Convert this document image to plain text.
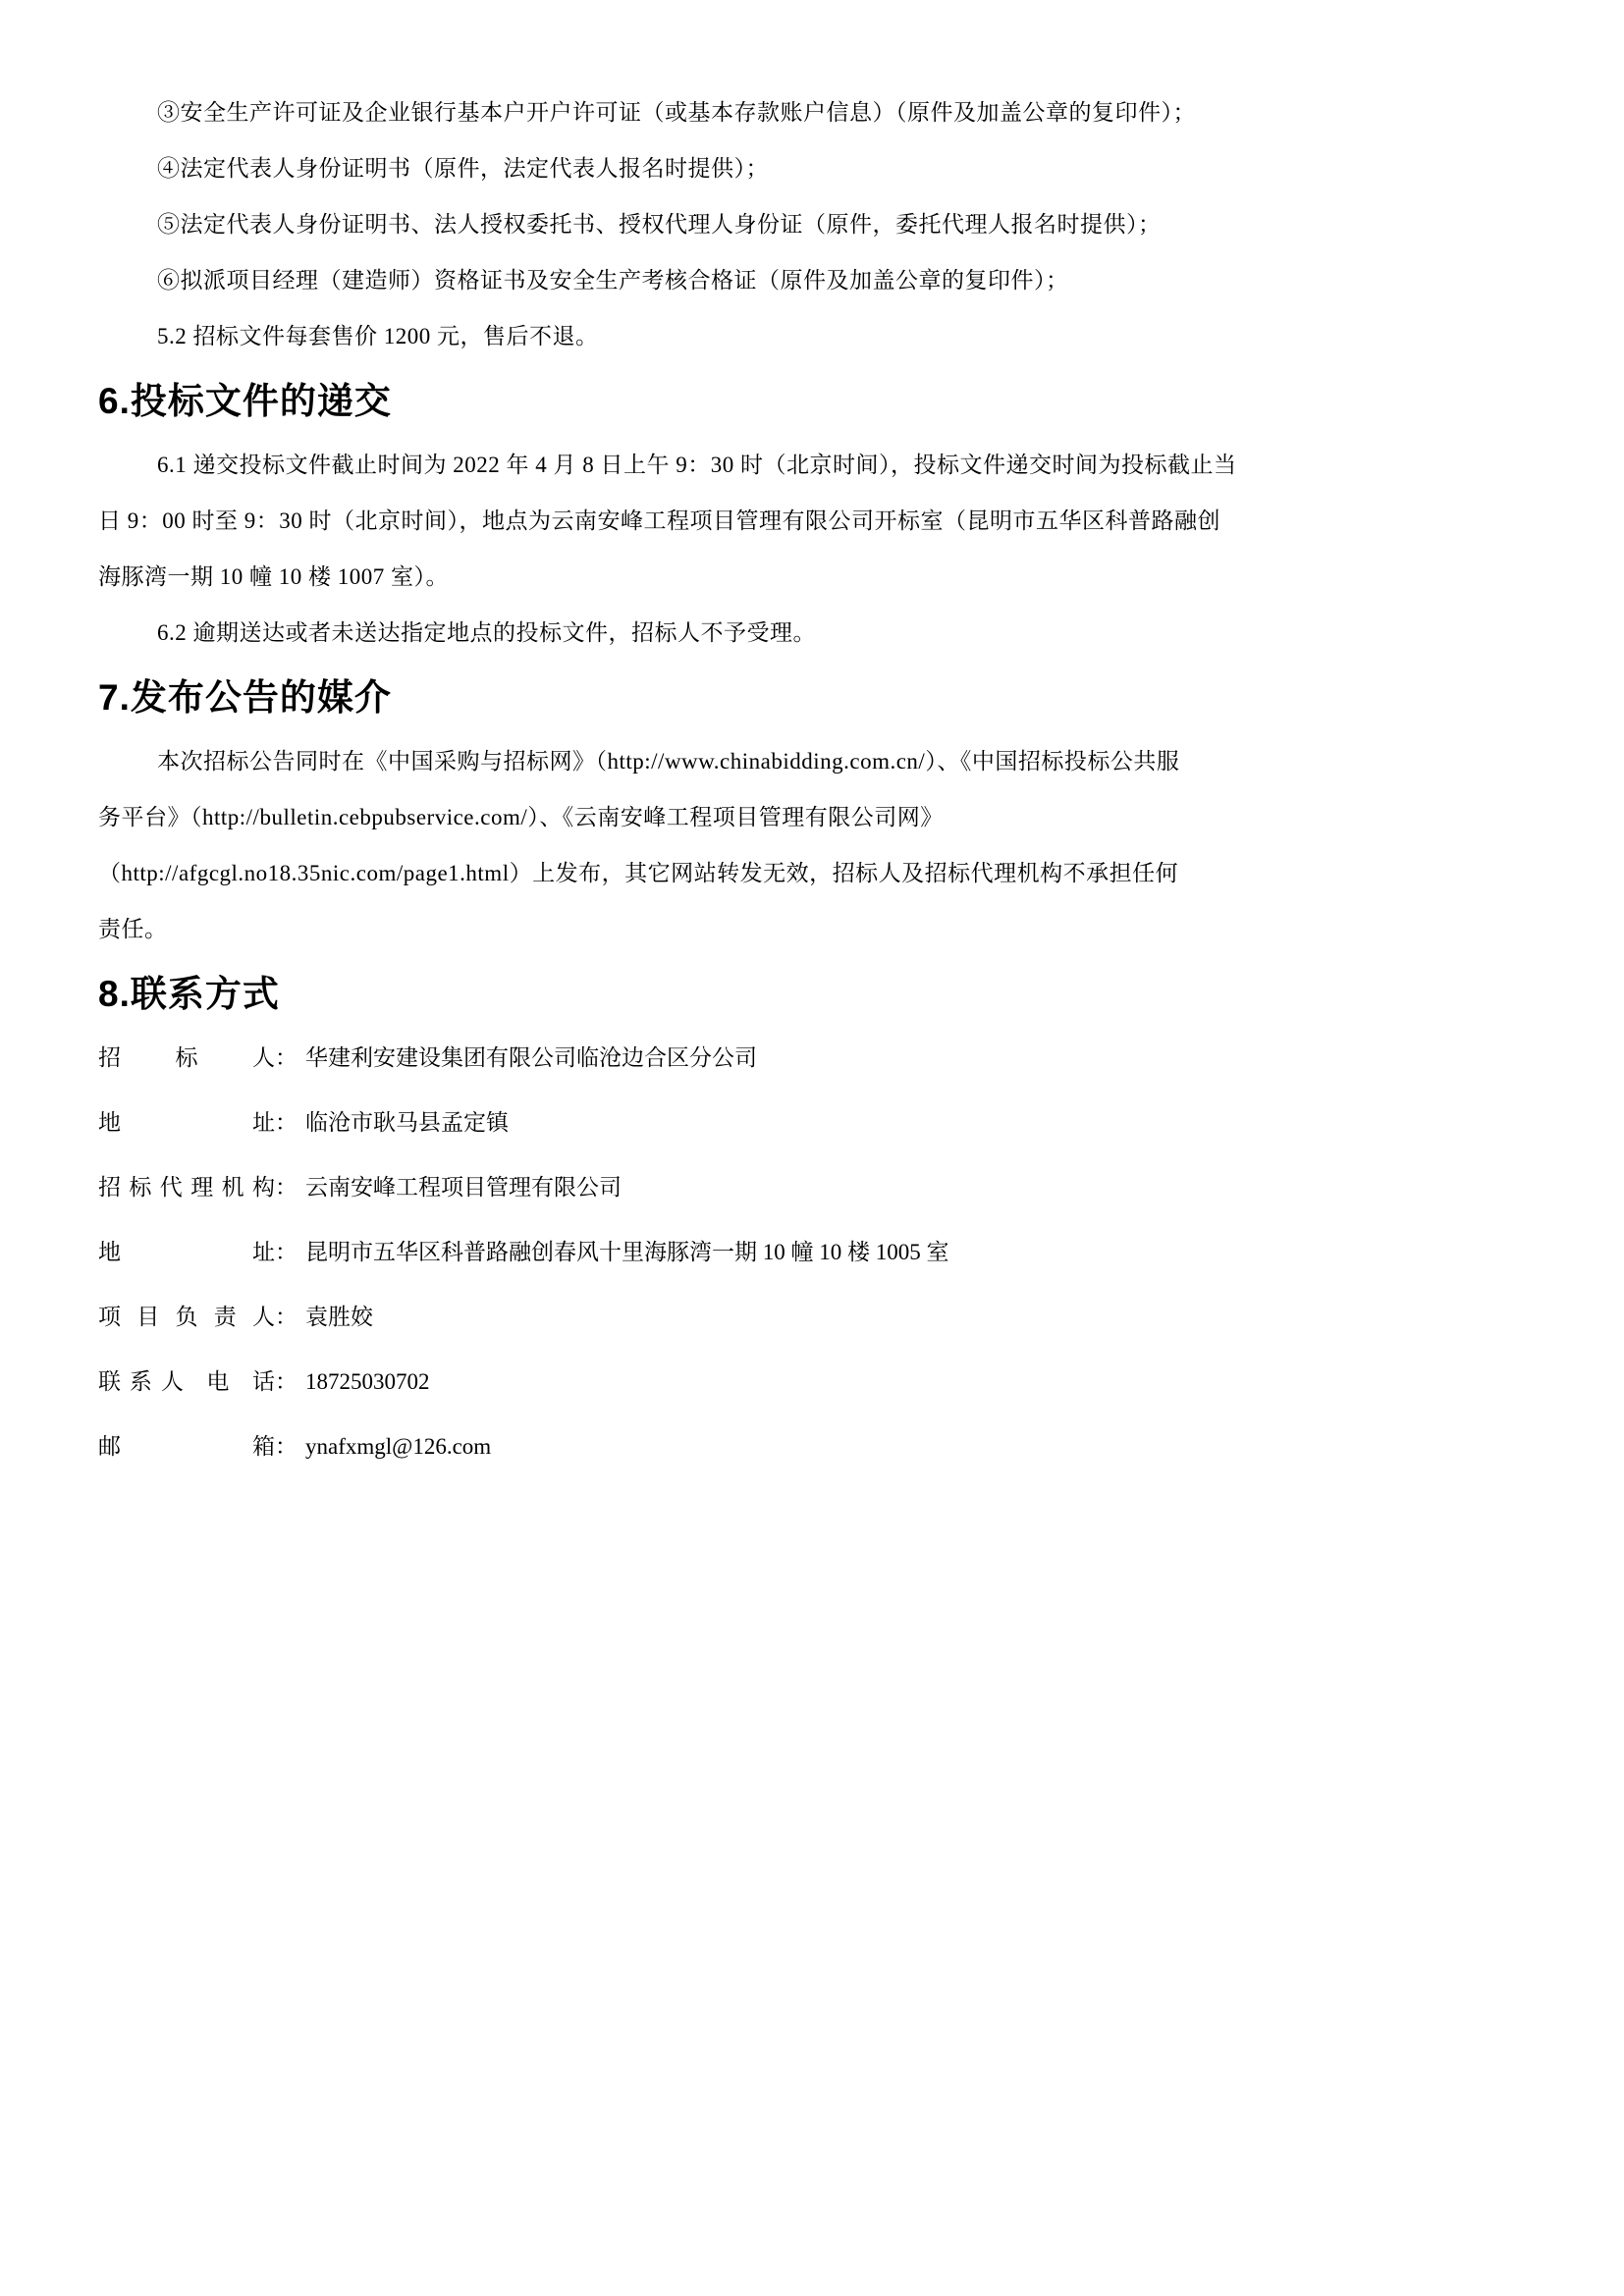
③安全生产许可证及企业银行基本户开户许可证（或基本存款账户信息）（原件及加盖公章的复印件）；
④法定代表人身份证明书（原件，法定代表人报名时提供）；
⑤法定代表人身份证明书、法人授权委托书、授权代理人身份证（原件，委托代理人报名时提供）；
⑥拟派项目经理（建造师）资格证书及安全生产考核合格证（原件及加盖公章的复印件）；
5.2 招标文件每套售价 1200 元，售后不退。
6.投标文件的递交
6.1 递交投标文件截止时间为 2022 年 4 月 8 日上午 9：30 时（北京时间），投标文件递交时间为投标截止当
日 9：00 时至 9：30 时（北京时间），地点为云南安峰工程项目管理有限公司开标室（昆明市五华区科普路融创
海豚湾一期 10 幢 10 楼 1007 室）。
6.2 逾期送达或者未送达指定地点的投标文件，招标人不予受理。
7.发布公告的媒介
本次招标公告同时在《中国采购与招标网》（http://www.chinabidding.com.cn/）、《中国招标投标公共服
务平台》（http://bulletin.cebpubservice.com/）、《云南安峰工程项目管理有限公司网》
（http://afgcgl.no18.35nic.com/page1.html）上发布，其它网站转发无效，招标人及招标代理机构不承担任何
责任。
8.联系方式
招标人： 华建利安建设集团有限公司临沧边合区分公司
地址： 临沧市耿马县孟定镇
招标代理机构： 云南安峰工程项目管理有限公司
地址： 昆明市五华区科普路融创春风十里海豚湾一期 10 幢 10 楼 1005 室
项目负责人： 袁胜姣
联系人 电 话： 18725030702
邮箱： ynafxmgl@126.com
